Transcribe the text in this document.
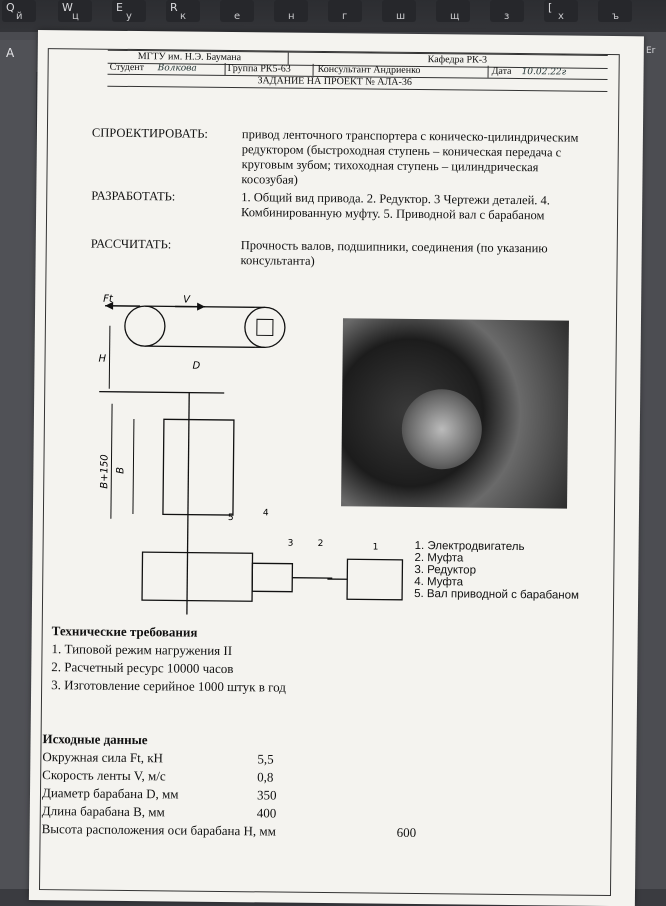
Q
й
W
ц
E
у
R
к	е	н	г	ш	щ	з
[
х	ъ
A	Er
МГТУ им. Н.Э. Баумана	Кафедра РК-3
Студент Волкова	Группа РК5-63	Консультант Андриенко	Дата 10.02.22г
ЗАДАНИЕ НА ПРОЕКТ № АЛА-36
СПРОЕКТИРОВАТЬ:	привод ленточного транспортера с коническо-цилиндрическим редуктором (быстроходная ступень – коническая передача с круговым зубом; тихоходная ступень – цилиндрическая косозубая)
РАЗРАБОТАТЬ:	1. Общий вид привода. 2. Редуктор. 3 Чертежи деталей. 4. Комбинированную муфту. 5. Приводной вал с барабаном
РАССЧИТАТЬ:	Прочность валов, подшипники, соединения (по указанию консультанта)
Ft	V
H
D
B
B+150
5	4
3	2	1	1. Электродвигатель
2. Муфта
3. Редуктор
4. Муфта
5. Вал приводной с барабаном
Технические требования
1. Типовой режим нагружения II
2. Расчетный ресурс 10000 часов
3. Изготовление серийное 1000 штук в год
Исходные данные
Окружная сила Ft, кН	5,5
Скорость ленты V, м/с	0,8
Диаметр барабана D, мм	350
Длина барабана B, мм	400
Высота расположения оси барабана H, мм	600
